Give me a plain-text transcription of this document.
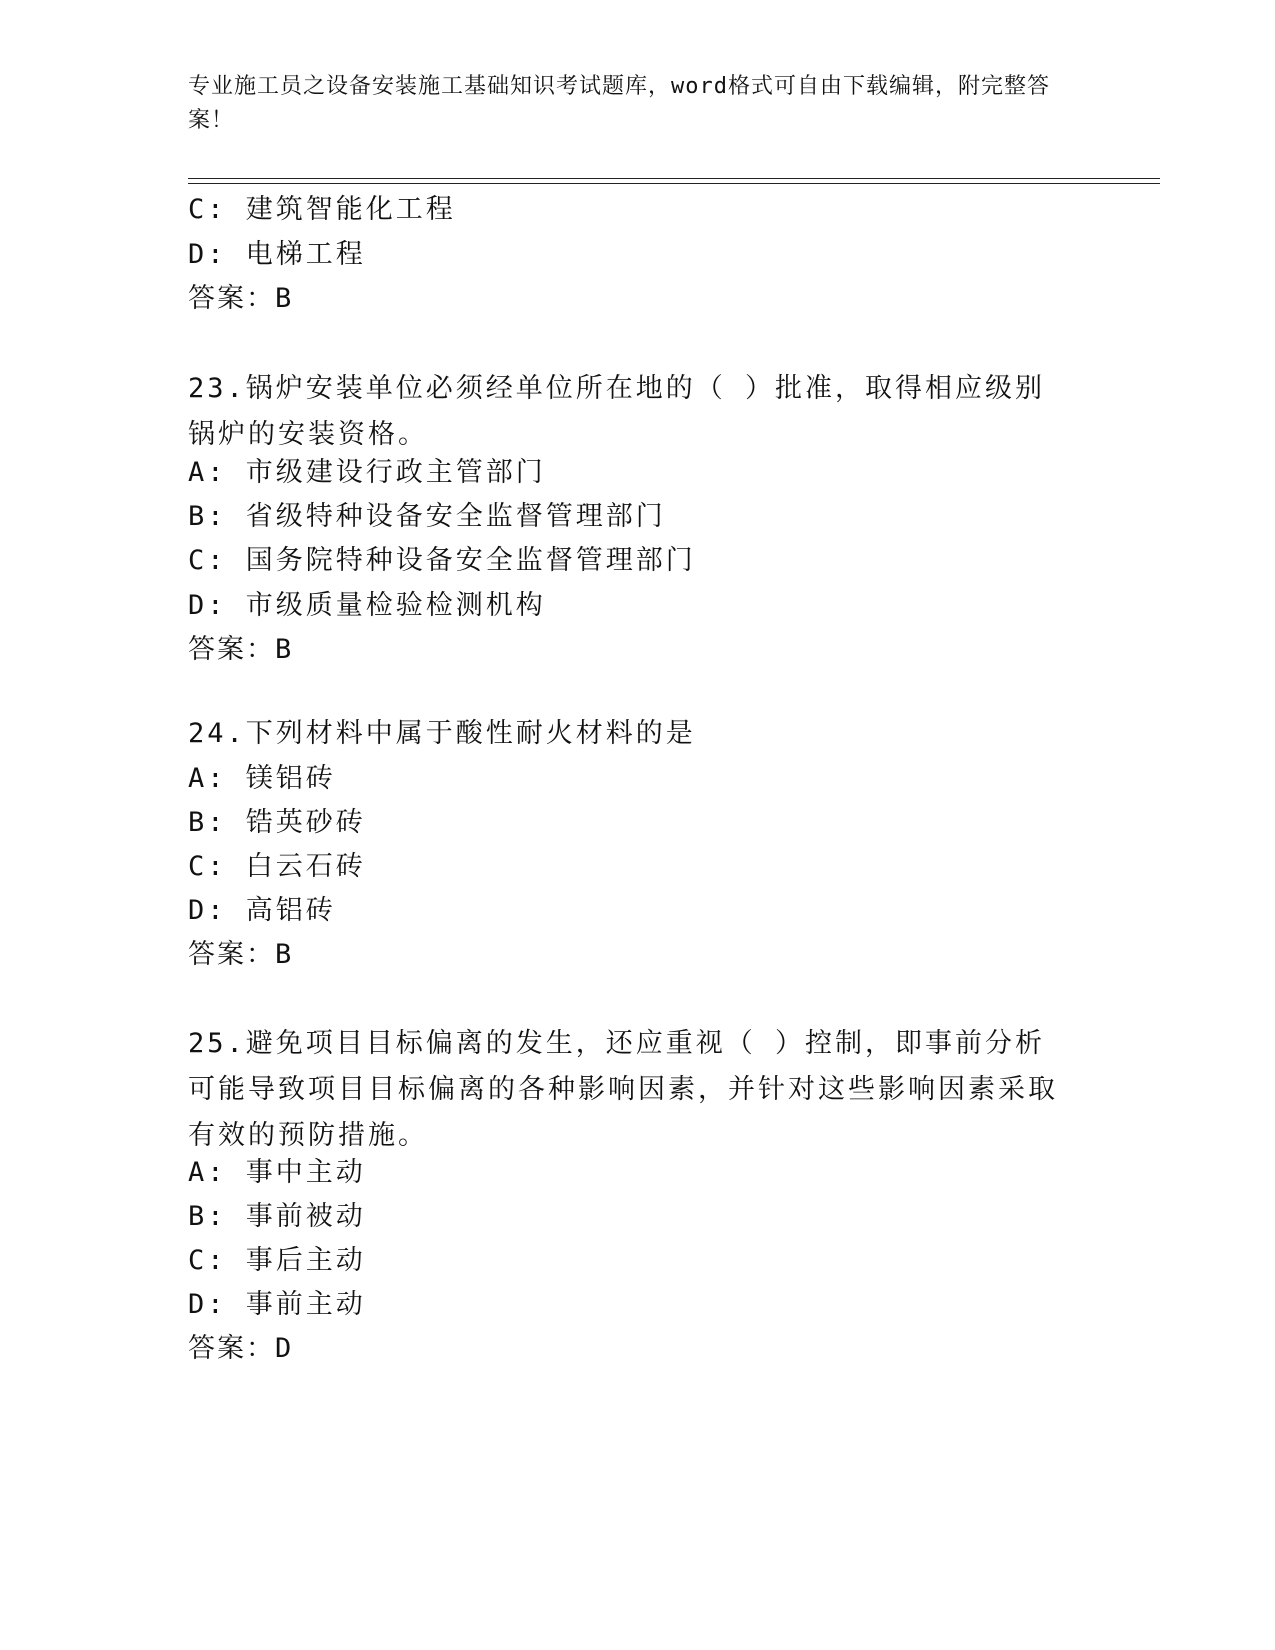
专业施工员之设备安装施工基础知识考试题库，word格式可自由下载编辑，附完整答案！
C: 建筑智能化工程
D: 电梯工程
答案：B
23.锅炉安装单位必须经单位所在地的（ ）批准，取得相应级别锅炉的安装资格。
A: 市级建设行政主管部门
B: 省级特种设备安全监督管理部门
C: 国务院特种设备安全监督管理部门
D: 市级质量检验检测机构
答案：B
24.下列材料中属于酸性耐火材料的是
A: 镁铝砖
B: 锆英砂砖
C: 白云石砖
D: 高铝砖
答案：B
25.避免项目目标偏离的发生，还应重视（ ）控制，即事前分析可能导致项目目标偏离的各种影响因素，并针对这些影响因素采取有效的预防措施。
A: 事中主动
B: 事前被动
C: 事后主动
D: 事前主动
答案：D
